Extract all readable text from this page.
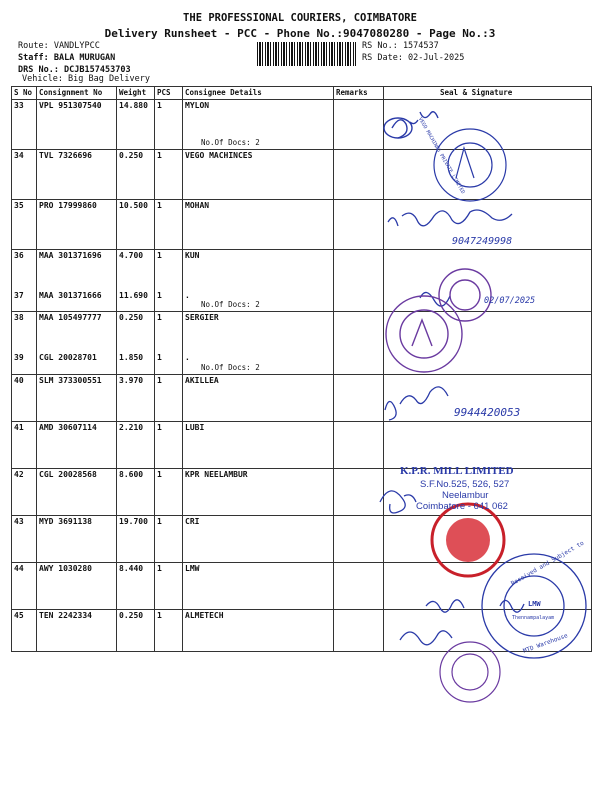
THE PROFESSIONAL COURIERS, COIMBATORE
Delivery Runsheet - PCC - Phone No.:9047080280 - Page No.:3
Route: VANDLYPCC
Staff: BALA MURUGAN
DRS No.: DCJB157453703
Vehicle: Big Bag Delivery
RS No.: 1574537
RS Date: 02-Jul-2025
S No	Consignment No	Weight	PCS	Consignee Details	Remarks	Seal & Signature
33	VPL 951307540	14.880	1	MYLON
No.Of Docs: 2		

34	TVL 7326696	0.250	1	VEGO MACHINCES		
35	PRO 17999860	10.500	1	MOHAN		
36	MAA 301371696	4.700	1	KUN		
37	MAA 301371666	11.690	1	.
No.Of Docs: 2		

38	MAA 105497777	0.250	1	SERGIER		
39	CGL 20028701	1.850	1	.
No.Of Docs: 2		

40	SLM 373300551	3.970	1	AKILLEA		
41	AMD 30607114	2.210	1	LUBI		
42	CGL 20028568	8.600	1	KPR NEELAMBUR		
43	MYD 3691138	19.700	1	CRI		
44	AWY 1030280	8.440	1	LMW		
45	TEN 2242334	0.250	1	ALMETECH		
9047249998
02/07/2025
9944420053
K.P.R. MILL LIMITED
S.F.No.525, 526, 527
Neelambur
Coimbatore - 641 062
VEGO MACHINES PRIVATE LIMITED
Received and Subject to
LMW
Thennampalayam
MTD Warehouse
